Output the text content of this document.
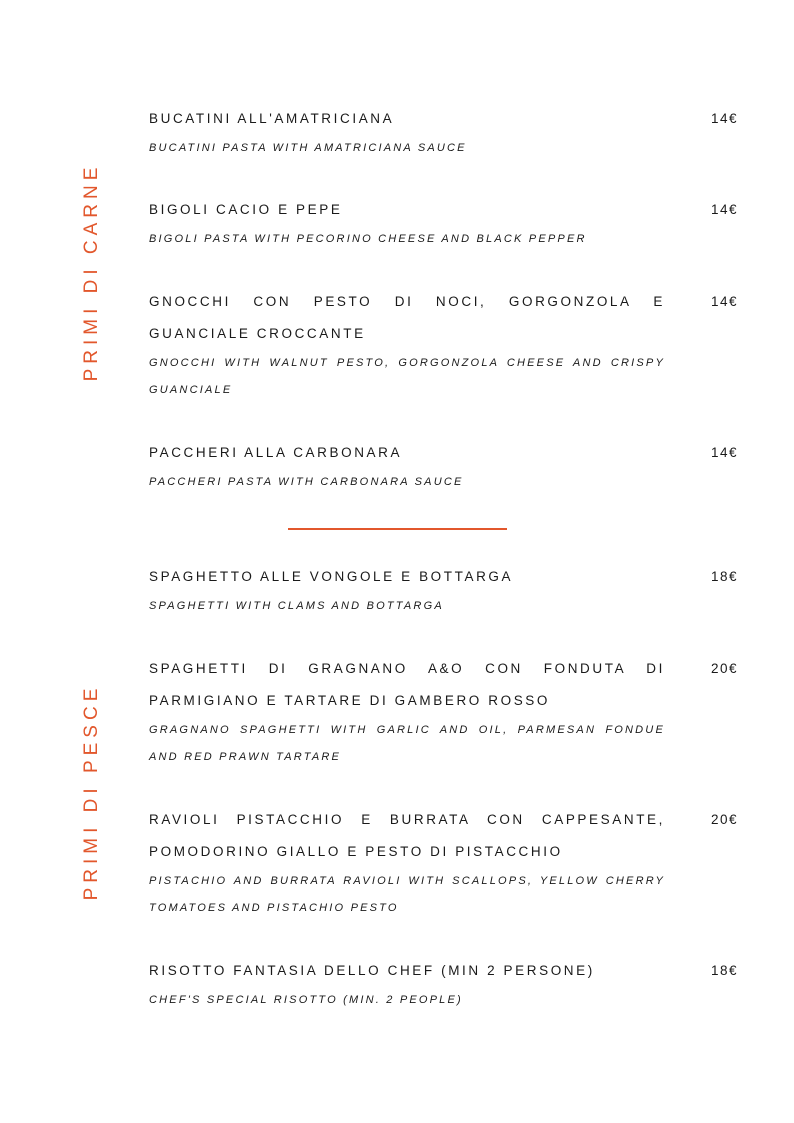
PRIMI DI CARNE
PRIMI DI PESCE
BUCATINI ALL'AMATRICIANA
BUCATINI PASTA WITH AMATRICIANA SAUCE
14€
BIGOLI CACIO E PEPE
BIGOLI PASTA WITH PECORINO CHEESE AND BLACK PEPPER
14€
GNOCCHI CON PESTO DI NOCI, GORGONZOLA E GUANCIALE CROCCANTE
GNOCCHI WITH WALNUT PESTO, GORGONZOLA CHEESE AND CRISPY GUANCIALE
14€
PACCHERI ALLA CARBONARA
PACCHERI PASTA WITH CARBONARA SAUCE
14€
SPAGHETTO ALLE VONGOLE E BOTTARGA
SPAGHETTI WITH CLAMS AND BOTTARGA
18€
SPAGHETTI DI GRAGNANO A&O CON FONDUTA DI PARMIGIANO E TARTARE DI GAMBERO ROSSO
GRAGNANO SPAGHETTI WITH GARLIC AND OIL, PARMESAN FONDUE AND RED PRAWN TARTARE
20€
RAVIOLI PISTACCHIO E BURRATA CON CAPPESANTE, POMODORINO GIALLO E PESTO DI PISTACCHIO
PISTACHIO AND BURRATA RAVIOLI WITH SCALLOPS, YELLOW CHERRY TOMATOES AND PISTACHIO PESTO
20€
RISOTTO FANTASIA DELLO CHEF (MIN 2 PERSONE)
CHEF'S SPECIAL RISOTTO (MIN. 2 PEOPLE)
18€
